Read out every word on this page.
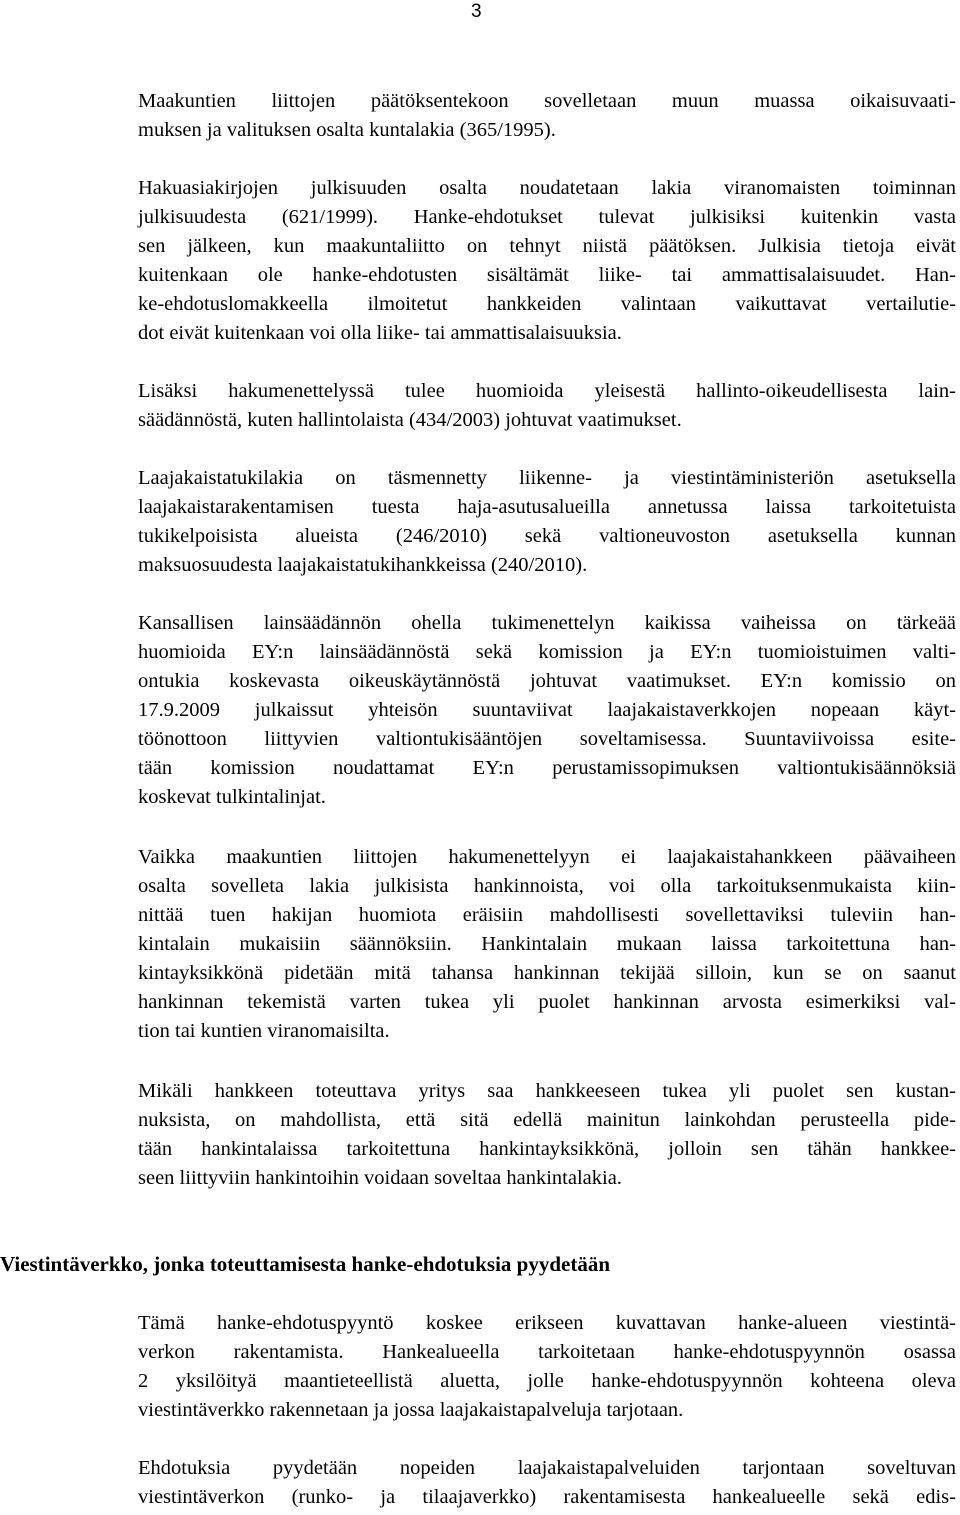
3
Maakuntien liittojen päätöksentekoon sovelletaan muun muassa oikaisuvaati-
muksen ja valituksen osalta kuntalakia (365/1995).
Hakuasiakirjojen julkisuuden osalta noudatetaan lakia viranomaisten toiminnan
julkisuudesta (621/1999). Hanke-ehdotukset tulevat julkisiksi kuitenkin vasta
sen jälkeen, kun maakuntaliitto on tehnyt niistä päätöksen. Julkisia tietoja eivät
kuitenkaan ole hanke-ehdotusten sisältämät liike- tai ammattisalaisuudet. Han-
ke-ehdotuslomakkeella ilmoitetut hankkeiden valintaan vaikuttavat vertailutie-
dot eivät kuitenkaan voi olla liike- tai ammattisalaisuuksia.
Lisäksi hakumenettelyssä tulee huomioida yleisestä hallinto-oikeudellisesta lain-
säädännöstä, kuten hallintolaista (434/2003) johtuvat vaatimukset.
Laajakaistatukilakia on täsmennetty liikenne- ja viestintäministeriön asetuksella
laajakaistarakentamisen tuesta haja-asutusalueilla annetussa laissa tarkoitetuista
tukikelpoisista alueista (246/2010) sekä valtioneuvoston asetuksella kunnan
maksuosuudesta laajakaistatukihankkeissa (240/2010).
Kansallisen lainsäädännön ohella tukimenettelyn kaikissa vaiheissa on tärkeää
huomioida EY:n lainsäädännöstä sekä komission ja EY:n tuomioistuimen valti-
ontukia koskevasta oikeuskäytännöstä johtuvat vaatimukset. EY:n komissio on
17.9.2009 julkaissut yhteisön suuntaviivat laajakaistaverkkojen nopeaan käyt-
töönottoon liittyvien valtiontukisääntöjen soveltamisessa. Suuntaviivoissa esite-
tään komission noudattamat EY:n perustamissopimuksen valtiontukisäännöksiä
koskevat tulkintalinjat.
Vaikka maakuntien liittojen hakumenettelyyn ei laajakaistahankkeen päävaiheen
osalta sovelleta lakia julkisista hankinnoista, voi olla tarkoituksenmukaista kiin-
nittää tuen hakijan huomiota eräisiin mahdollisesti sovellettaviksi tuleviin han-
kintalain mukaisiin säännöksiin. Hankintalain mukaan laissa tarkoitettuna han-
kintayksikkönä pidetään mitä tahansa hankinnan tekijää silloin, kun se on saanut
hankinnan tekemistä varten tukea yli puolet hankinnan arvosta esimerkiksi val-
tion tai kuntien viranomaisilta.
Mikäli hankkeen toteuttava yritys saa hankkeeseen tukea yli puolet sen kustan-
nuksista, on mahdollista, että sitä edellä mainitun lainkohdan perusteella pide-
tään hankintalaissa tarkoitettuna hankintayksikkönä, jolloin sen tähän hankkee-
seen liittyviin hankintoihin voidaan soveltaa hankintalakia.
Tämä hanke-ehdotuspyyntö koskee erikseen kuvattavan hanke-alueen viestintä-
verkon rakentamista. Hankealueella tarkoitetaan hanke-ehdotuspyynnön osassa
2 yksilöityä maantieteellistä aluetta, jolle hanke-ehdotuspyynnön kohteena oleva
viestintäverkko rakennetaan ja jossa laajakaistapalveluja tarjotaan.
Ehdotuksia pyydetään nopeiden laajakaistapalveluiden tarjontaan soveltuvan
viestintäverkon (runko- ja tilaajaverkko) rakentamisesta hankealueelle sekä edis-
Viestintäverkko, jonka toteuttamisesta hanke-ehdotuksia pyydetään
